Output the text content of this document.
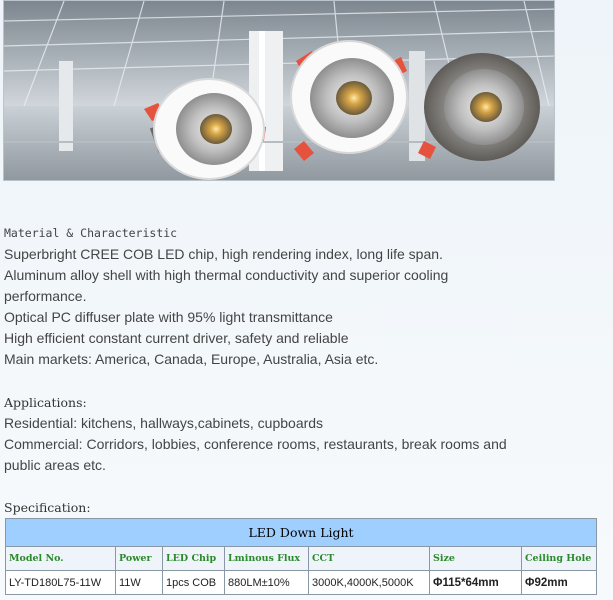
Material & Characteristic
Superbright CREE COB LED chip, high rendering index, long life span.
Aluminum alloy shell with high thermal conductivity and superior cooling
performance.
Optical PC diffuser plate with 95% light transmittance
High efficient constant current driver, safety and reliable
Main markets: America, Canada, Europe, Australia, Asia etc.
Applications:
Residential: kitchens, hallways,cabinets, cupboards
Commercial: Corridors, lobbies, conference rooms, restaurants, break rooms and
public areas etc.
Specification:
LED Down Light						
Model No.	Power	LED Chip	Lminous Flux	CCT	Size	Ceiling Hole
LY-TD180L75-11W	11W	1pcs COB	880LM±10%	3000K,4000K,5000K	Φ115*64mm	Φ92mm
